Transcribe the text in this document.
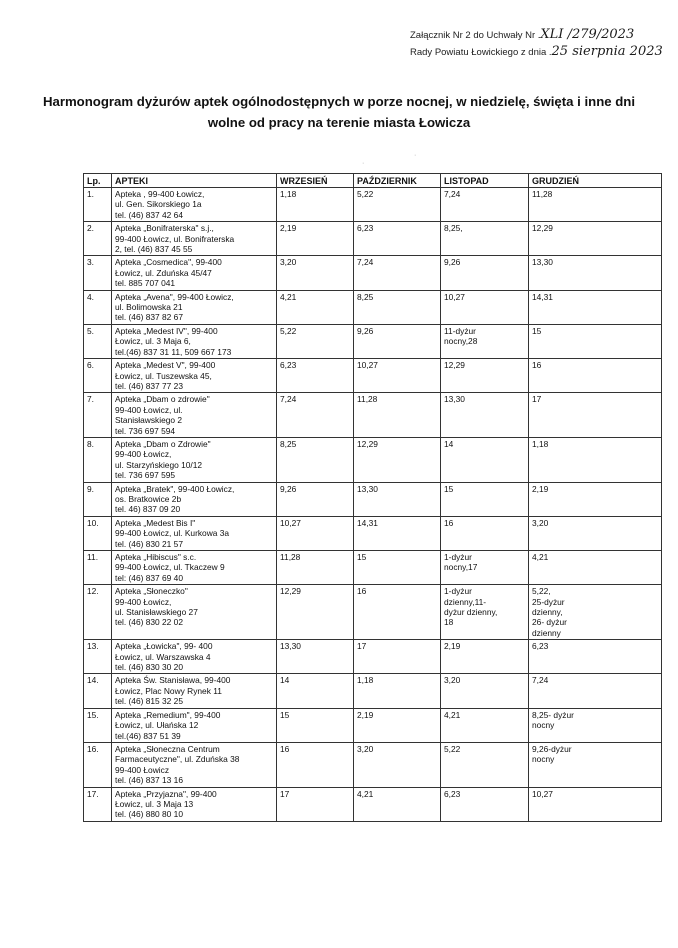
Załącznik Nr 2 do Uchwały Nr .XLI /279/2023
Rady Powiatu Łowickiego z dnia .25 sierpnia 2023
Harmonogram dyżurów aptek ogólnodostępnych w porze nocnej, w niedzielę, święta i inne dni
wolne od pracy na terenie miasta Łowicza
·
·
Lp.	APTEKI	WRZESIEŃ	PAŹDZIERNIK	LISTOPAD	GRUDZIEŃ
1.	Apteka , 99-400 Łowicz,
ul. Gen. Sikorskiego 1a
tel. (46) 837 42 64	1,18	5,22	7,24	11,28

2.	Apteka „Bonifraterska" s.j.,
99-400 Łowicz, ul. Bonifraterska
2, tel. (46) 837 45 55	2,19	6,23	8,25,	12,29

3.	Apteka „Cosmedica", 99-400
Łowicz, ul. Zduńska 45/47
tel. 885 707 041	3,20	7,24	9,26	13,30

4.	Apteka „Avena", 99-400 Łowicz,
ul. Bolimowska 21
tel. (46) 837 82 67	4,21	8,25	10,27	14,31

5.	Apteka „Medest IV", 99-400
Łowicz, ul. 3 Maja 6,
tel.(46) 837 31 11, 509 667 173	5,22	9,26	11-dyżur
nocny,28	15

6.	Apteka „Medest V", 99-400
Łowicz, ul. Tuszewska 45,
tel. (46) 837 77 23	6,23	10,27	12,29	16

7.	Apteka „Dbam o zdrowie"
99-400 Łowicz, ul.
Stanisławskiego 2
tel. 736 697 594	7,24	11,28	13,30	17

8.	Apteka „Dbam o Zdrowie"
99-400 Łowicz,
ul. Starzyńskiego 10/12
tel. 736 697 595	8,25	12,29	14	1,18

9.	Apteka „Bratek", 99-400 Łowicz,
os. Bratkowice 2b
tel. 46) 837 09 20	9,26	13,30	15	2,19

10.	Apteka „Medest Bis I"
99-400 Łowicz, ul. Kurkowa 3a
tel. (46) 830 21 57	10,27	14,31	16	3,20

11.	Apteka „Hibiscus" s.c.
99-400 Łowicz, ul. Tkaczew 9
tel: (46) 837 69 40	11,28	15	1-dyżur
nocny,17	4,21

12.	Apteka „Słoneczko"
99-400 Łowicz,
ul. Stanisławskiego 27
tel. (46) 830 22 02	12,29	16	1-dyżur
dzienny,11-
dyżur dzienny,
18	5,22,
25-dyżur
dzienny,
26- dyżur
dzienny

13.	Apteka „Łowicka", 99- 400
Łowicz, ul. Warszawska 4
tel. (46) 830 30 20	13,30	17	2,19	6,23

14.	Apteka Św. Stanisława, 99-400
Łowicz, Plac Nowy Rynek 11
tel. (46) 815 32 25	14	1,18	3,20	7,24

15.	Apteka „Remedium", 99-400
Łowicz, ul. Ułańska 12
tel.(46) 837 51 39	15	2,19	4,21	8,25- dyżur
nocny

16.	Apteka „Słoneczna Centrum
Farmaceutyczne", ul. Zduńska 38
99-400 Łowicz
tel. (46) 837 13 16	16	3,20	5,22	9,26-dyżur
nocny

17.	Apteka „Przyjazna", 99-400
Łowicz, ul. 3 Maja 13
tel. (46) 880 80 10	17	4,21	6,23	10,27
